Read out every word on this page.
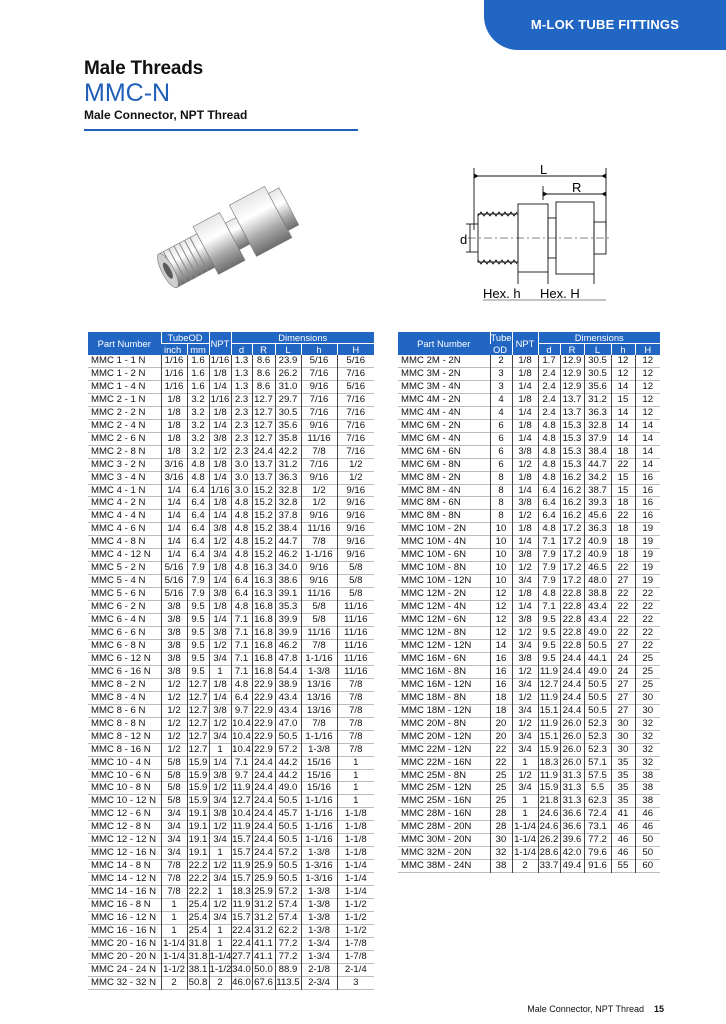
M-LOK TUBE FITTINGS
Male Threads
MMC-N
Male Connector, NPT Thread
L
R
d
Hex. h Hex. H
Part Number	TubeOD		NPT	Dimensions				
	inch	mm		d	R	L	h	H
MMC 1 - 1 N	1/16	1.6	1/16	1.3	8.6	23.9	5/16	5/16
MMC 1 - 2 N	1/16	1.6	1/8	1.3	8.6	26.2	7/16	7/16
MMC 1 - 4 N	1/16	1.6	1/4	1.3	8.6	31.0	9/16	5/16
MMC 2 - 1 N	1/8	3.2	1/16	2.3	12.7	29.7	7/16	7/16
MMC 2 - 2 N	1/8	3.2	1/8	2.3	12.7	30.5	7/16	7/16
MMC 2 - 4 N	1/8	3.2	1/4	2.3	12.7	35.6	9/16	7/16
MMC 2 - 6 N	1/8	3.2	3/8	2.3	12.7	35.8	11/16	7/16
MMC 2 - 8 N	1/8	3.2	1/2	2.3	24.4	42.2	7/8	7/16
MMC 3 - 2 N	3/16	4.8	1/8	3.0	13.7	31.2	7/16	1/2
MMC 3 - 4 N	3/16	4.8	1/4	3.0	13.7	36.3	9/16	1/2
MMC 4 - 1 N	1/4	6.4	1/16	3.0	15.2	32.8	1/2	9/16
MMC 4 - 2 N	1/4	6.4	1/8	4.8	15.2	32.8	1/2	9/16
MMC 4 - 4 N	1/4	6.4	1/4	4.8	15.2	37.8	9/16	9/16
MMC 4 - 6 N	1/4	6.4	3/8	4.8	15.2	38.4	11/16	9/16
MMC 4 - 8 N	1/4	6.4	1/2	4.8	15.2	44.7	7/8	9/16
MMC 4 - 12 N	1/4	6.4	3/4	4.8	15.2	46.2	1-1/16	9/16
MMC 5 - 2 N	5/16	7.9	1/8	4.8	16.3	34.0	9/16	5/8
MMC 5 - 4 N	5/16	7.9	1/4	6.4	16.3	38.6	9/16	5/8
MMC 5 - 6 N	5/16	7.9	3/8	6.4	16.3	39.1	11/16	5/8
MMC 6 - 2 N	3/8	9.5	1/8	4.8	16.8	35.3	5/8	11/16
MMC 6 - 4 N	3/8	9.5	1/4	7.1	16.8	39.9	5/8	11/16
MMC 6 - 6 N	3/8	9.5	3/8	7.1	16.8	39.9	11/16	11/16
MMC 6 - 8 N	3/8	9.5	1/2	7.1	16.8	46.2	7/8	11/16
MMC 6 - 12 N	3/8	9.5	3/4	7.1	16.8	47.8	1-1/16	11/16
MMC 6 - 16 N	3/8	9.5	1	7.1	16.8	54.4	1-3/8	11/16
MMC 8 - 2 N	1/2	12.7	1/8	4.8	22.9	38.9	13/16	7/8
MMC 8 - 4 N	1/2	12.7	1/4	6.4	22.9	43.4	13/16	7/8
MMC 8 - 6 N	1/2	12.7	3/8	9.7	22.9	43.4	13/16	7/8
MMC 8 - 8 N	1/2	12.7	1/2	10.4	22.9	47.0	7/8	7/8
MMC 8 - 12 N	1/2	12.7	3/4	10.4	22.9	50.5	1-1/16	7/8
MMC 8 - 16 N	1/2	12.7	1	10.4	22.9	57.2	1-3/8	7/8
MMC 10 - 4 N	5/8	15.9	1/4	7.1	24.4	44.2	15/16	1
MMC 10 - 6 N	5/8	15.9	3/8	9.7	24.4	44.2	15/16	1
MMC 10 - 8 N	5/8	15.9	1/2	11.9	24.4	49.0	15/16	1
MMC 10 - 12 N	5/8	15.9	3/4	12.7	24.4	50.5	1-1/16	1
MMC 12 - 6 N	3/4	19.1	3/8	10.4	24.4	45.7	1-1/16	1-1/8
MMC 12 - 8 N	3/4	19.1	1/2	11.9	24.4	50.5	1-1/16	1-1/8
MMC 12 - 12 N	3/4	19.1	3/4	15.7	24.4	50.5	1-1/16	1-1/8
MMC 12 - 16 N	3/4	19.1	1	15.7	24.4	57.2	1-3/8	1-1/8
MMC 14 - 8 N	7/8	22.2	1/2	11.9	25.9	50.5	1-3/16	1-1/4
MMC 14 - 12 N	7/8	22.2	3/4	15.7	25.9	50.5	1-3/16	1-1/4
MMC 14 - 16 N	7/8	22.2	1	18.3	25.9	57.2	1-3/8	1-1/4
MMC 16 - 8 N	1	25.4	1/2	11.9	31.2	57.4	1-3/8	1-1/2
MMC 16 - 12 N	1	25.4	3/4	15.7	31.2	57.4	1-3/8	1-1/2
MMC 16 - 16 N	1	25.4	1	22.4	31.2	62.2	1-3/8	1-1/2
MMC 20 - 16 N	1-1/4	31.8	1	22.4	41.1	77.2	1-3/4	1-7/8
MMC 20 - 20 N	1-1/4	31.8	1-1/4	27.7	41.1	77.2	1-3/4	1-7/8
MMC 24 - 24 N	1-1/2	38.1	1-1/2	34.0	50.0	88.9	2-1/8	2-1/4
MMC 32 - 32 N	2	50.8	2	46.0	67.6	113.5	2-3/4	3
Part Number	Tube	NPT	Dimensions				
	OD		d	R	L	h	H
MMC 2M - 2N	2	1/8	1.7	12.9	30.5	12	12
MMC 3M - 2N	3	1/8	2.4	12.9	30.5	12	12
MMC 3M - 4N	3	1/4	2.4	12.9	35.6	14	12
MMC 4M - 2N	4	1/8	2.4	13.7	31.2	15	12
MMC 4M - 4N	4	1/4	2.4	13.7	36.3	14	12
MMC 6M - 2N	6	1/8	4.8	15.3	32.8	14	14
MMC 6M - 4N	6	1/4	4.8	15.3	37.9	14	14
MMC 6M - 6N	6	3/8	4.8	15.3	38.4	18	14
MMC 6M - 8N	6	1/2	4.8	15.3	44.7	22	14
MMC 8M - 2N	8	1/8	4.8	16.2	34.2	15	16
MMC 8M - 4N	8	1/4	6.4	16.2	38.7	15	16
MMC 8M - 6N	8	3/8	6.4	16.2	39.3	18	16
MMC 8M - 8N	8	1/2	6.4	16.2	45.6	22	16
MMC 10M - 2N	10	1/8	4.8	17.2	36.3	18	19
MMC 10M - 4N	10	1/4	7.1	17.2	40.9	18	19
MMC 10M - 6N	10	3/8	7.9	17.2	40.9	18	19
MMC 10M - 8N	10	1/2	7.9	17.2	46.5	22	19
MMC 10M - 12N	10	3/4	7.9	17.2	48.0	27	19
MMC 12M - 2N	12	1/8	4.8	22.8	38.8	22	22
MMC 12M - 4N	12	1/4	7.1	22.8	43.4	22	22
MMC 12M - 6N	12	3/8	9.5	22.8	43.4	22	22
MMC 12M - 8N	12	1/2	9.5	22.8	49.0	22	22
MMC 12M - 12N	14	3/4	9.5	22.8	50.5	27	22
MMC 16M - 6N	16	3/8	9.5	24.4	44.1	24	25
MMC 16M - 8N	16	1/2	11.9	24.4	49.0	24	25
MMC 16M - 12N	16	3/4	12.7	24.4	50.5	27	25
MMC 18M - 8N	18	1/2	11.9	24.4	50.5	27	30
MMC 18M - 12N	18	3/4	15.1	24.4	50.5	27	30
MMC 20M - 8N	20	1/2	11.9	26.0	52.3	30	32
MMC 20M - 12N	20	3/4	15.1	26.0	52.3	30	32
MMC 22M - 12N	22	3/4	15.9	26.0	52.3	30	32
MMC 22M - 16N	22	1	18.3	26.0	57.1	35	32
MMC 25M - 8N	25	1/2	11.9	31.3	57.5	35	38
MMC 25M - 12N	25	3/4	15.9	31.3	5.5	35	38
MMC 25M - 16N	25	1	21.8	31.3	62.3	35	38
MMC 28M - 16N	28	1	24.6	36.6	72.4	41	46
MMC 28M - 20N	28	1-1/4	24.6	36.6	73.1	46	46
MMC 30M - 20N	30	1-1/4	26.2	39.6	77.2	46	50
MMC 32M - 20N	32	1-1/4	28.6	42.0	79.6	46	50
MMC 38M - 24N	38	2	33.7	49.4	91.6	55	60
Male Connector, NPT Thread 15
